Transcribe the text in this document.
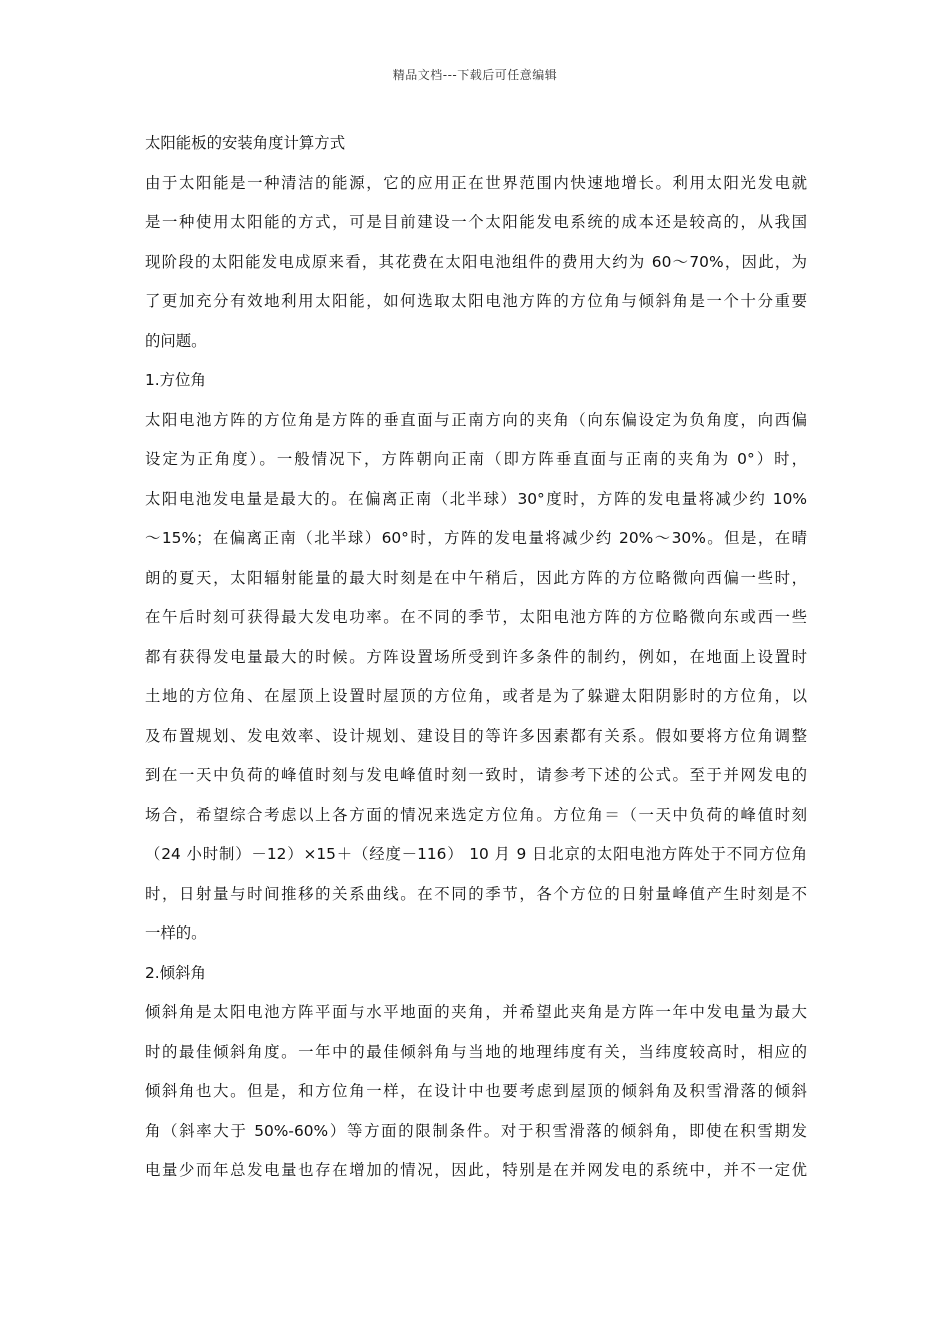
精品文档---下载后可任意编辑
太阳能板的安装角度计算方式
由于太阳能是一种清洁的能源，它的应用正在世界范围内快速地增长。利用太阳光发电就
是一种使用太阳能的方式，可是目前建设一个太阳能发电系统的成本还是较高的，从我国
现阶段的太阳能发电成原来看，其花费在太阳电池组件的费用大约为 60～70%，因此，为
了更加充分有效地利用太阳能，如何选取太阳电池方阵的方位角与倾斜角是一个十分重要
的问题。
1.方位角
太阳电池方阵的方位角是方阵的垂直面与正南方向的夹角（向东偏设定为负角度，向西偏
设定为正角度）。一般情况下，方阵朝向正南（即方阵垂直面与正南的夹角为 0°）时，
太阳电池发电量是最大的。在偏离正南（北半球）30°度时，方阵的发电量将减少约 10%
～15%；在偏离正南（北半球）60°时，方阵的发电量将减少约 20%～30%。但是，在晴
朗的夏天，太阳辐射能量的最大时刻是在中午稍后，因此方阵的方位略微向西偏一些时，
在午后时刻可获得最大发电功率。在不同的季节，太阳电池方阵的方位略微向东或西一些
都有获得发电量最大的时候。方阵设置场所受到许多条件的制约，例如，在地面上设置时
土地的方位角、在屋顶上设置时屋顶的方位角，或者是为了躲避太阳阴影时的方位角，以
及布置规划、发电效率、设计规划、建设目的等许多因素都有关系。假如要将方位角调整
到在一天中负荷的峰值时刻与发电峰值时刻一致时，请参考下述的公式。至于并网发电的
场合，希望综合考虑以上各方面的情况来选定方位角。方位角＝（一天中负荷的峰值时刻
（24 小时制）－12）×15＋（经度－116） 10 月 9 日北京的太阳电池方阵处于不同方位角
时，日射量与时间推移的关系曲线。在不同的季节，各个方位的日射量峰值产生时刻是不
一样的。
2.倾斜角
倾斜角是太阳电池方阵平面与水平地面的夹角，并希望此夹角是方阵一年中发电量为最大
时的最佳倾斜角度。一年中的最佳倾斜角与当地的地理纬度有关，当纬度较高时，相应的
倾斜角也大。但是，和方位角一样，在设计中也要考虑到屋顶的倾斜角及积雪滑落的倾斜
角（斜率大于 50%-60%）等方面的限制条件。对于积雪滑落的倾斜角，即使在积雪期发
电量少而年总发电量也存在增加的情况，因此，特别是在并网发电的系统中，并不一定优
